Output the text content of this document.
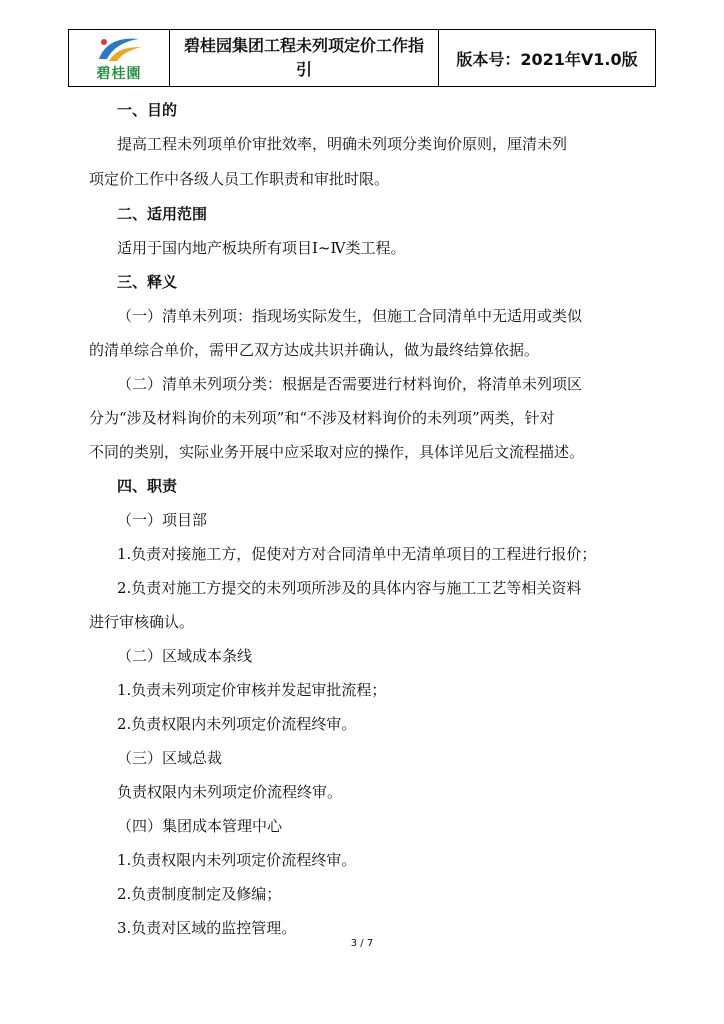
碧桂園
	碧桂园集团工程未列项定价工作指引	版本号：2021年V1.0版
一、目的
提高工程未列项单价审批效率，明确未列项分类询价原则，厘清未列
项定价工作中各级人员工作职责和审批时限。
二、适用范围
适用于国内地产板块所有项目Ⅰ~Ⅳ类工程。
三、释义
（一）清单未列项：指现场实际发生，但施工合同清单中无适用或类似
的清单综合单价，需甲乙双方达成共识并确认，做为最终结算依据。
（二）清单未列项分类：根据是否需要进行材料询价，将清单未列项区
分为“涉及材料询价的未列项”和“不涉及材料询价的未列项”两类，针对
不同的类别，实际业务开展中应采取对应的操作，具体详见后文流程描述。
四、职责
（一）项目部
1.负责对接施工方，促使对方对合同清单中无清单项目的工程进行报价；
2.负责对施工方提交的未列项所涉及的具体内容与施工工艺等相关资料
进行审核确认。
（二）区域成本条线
1.负责未列项定价审核并发起审批流程；
2.负责权限内未列项定价流程终审。
（三）区域总裁
负责权限内未列项定价流程终审。
（四）集团成本管理中心
1.负责权限内未列项定价流程终审。
2.负责制度制定及修编；
3.负责对区域的监控管理。
3 / 7
